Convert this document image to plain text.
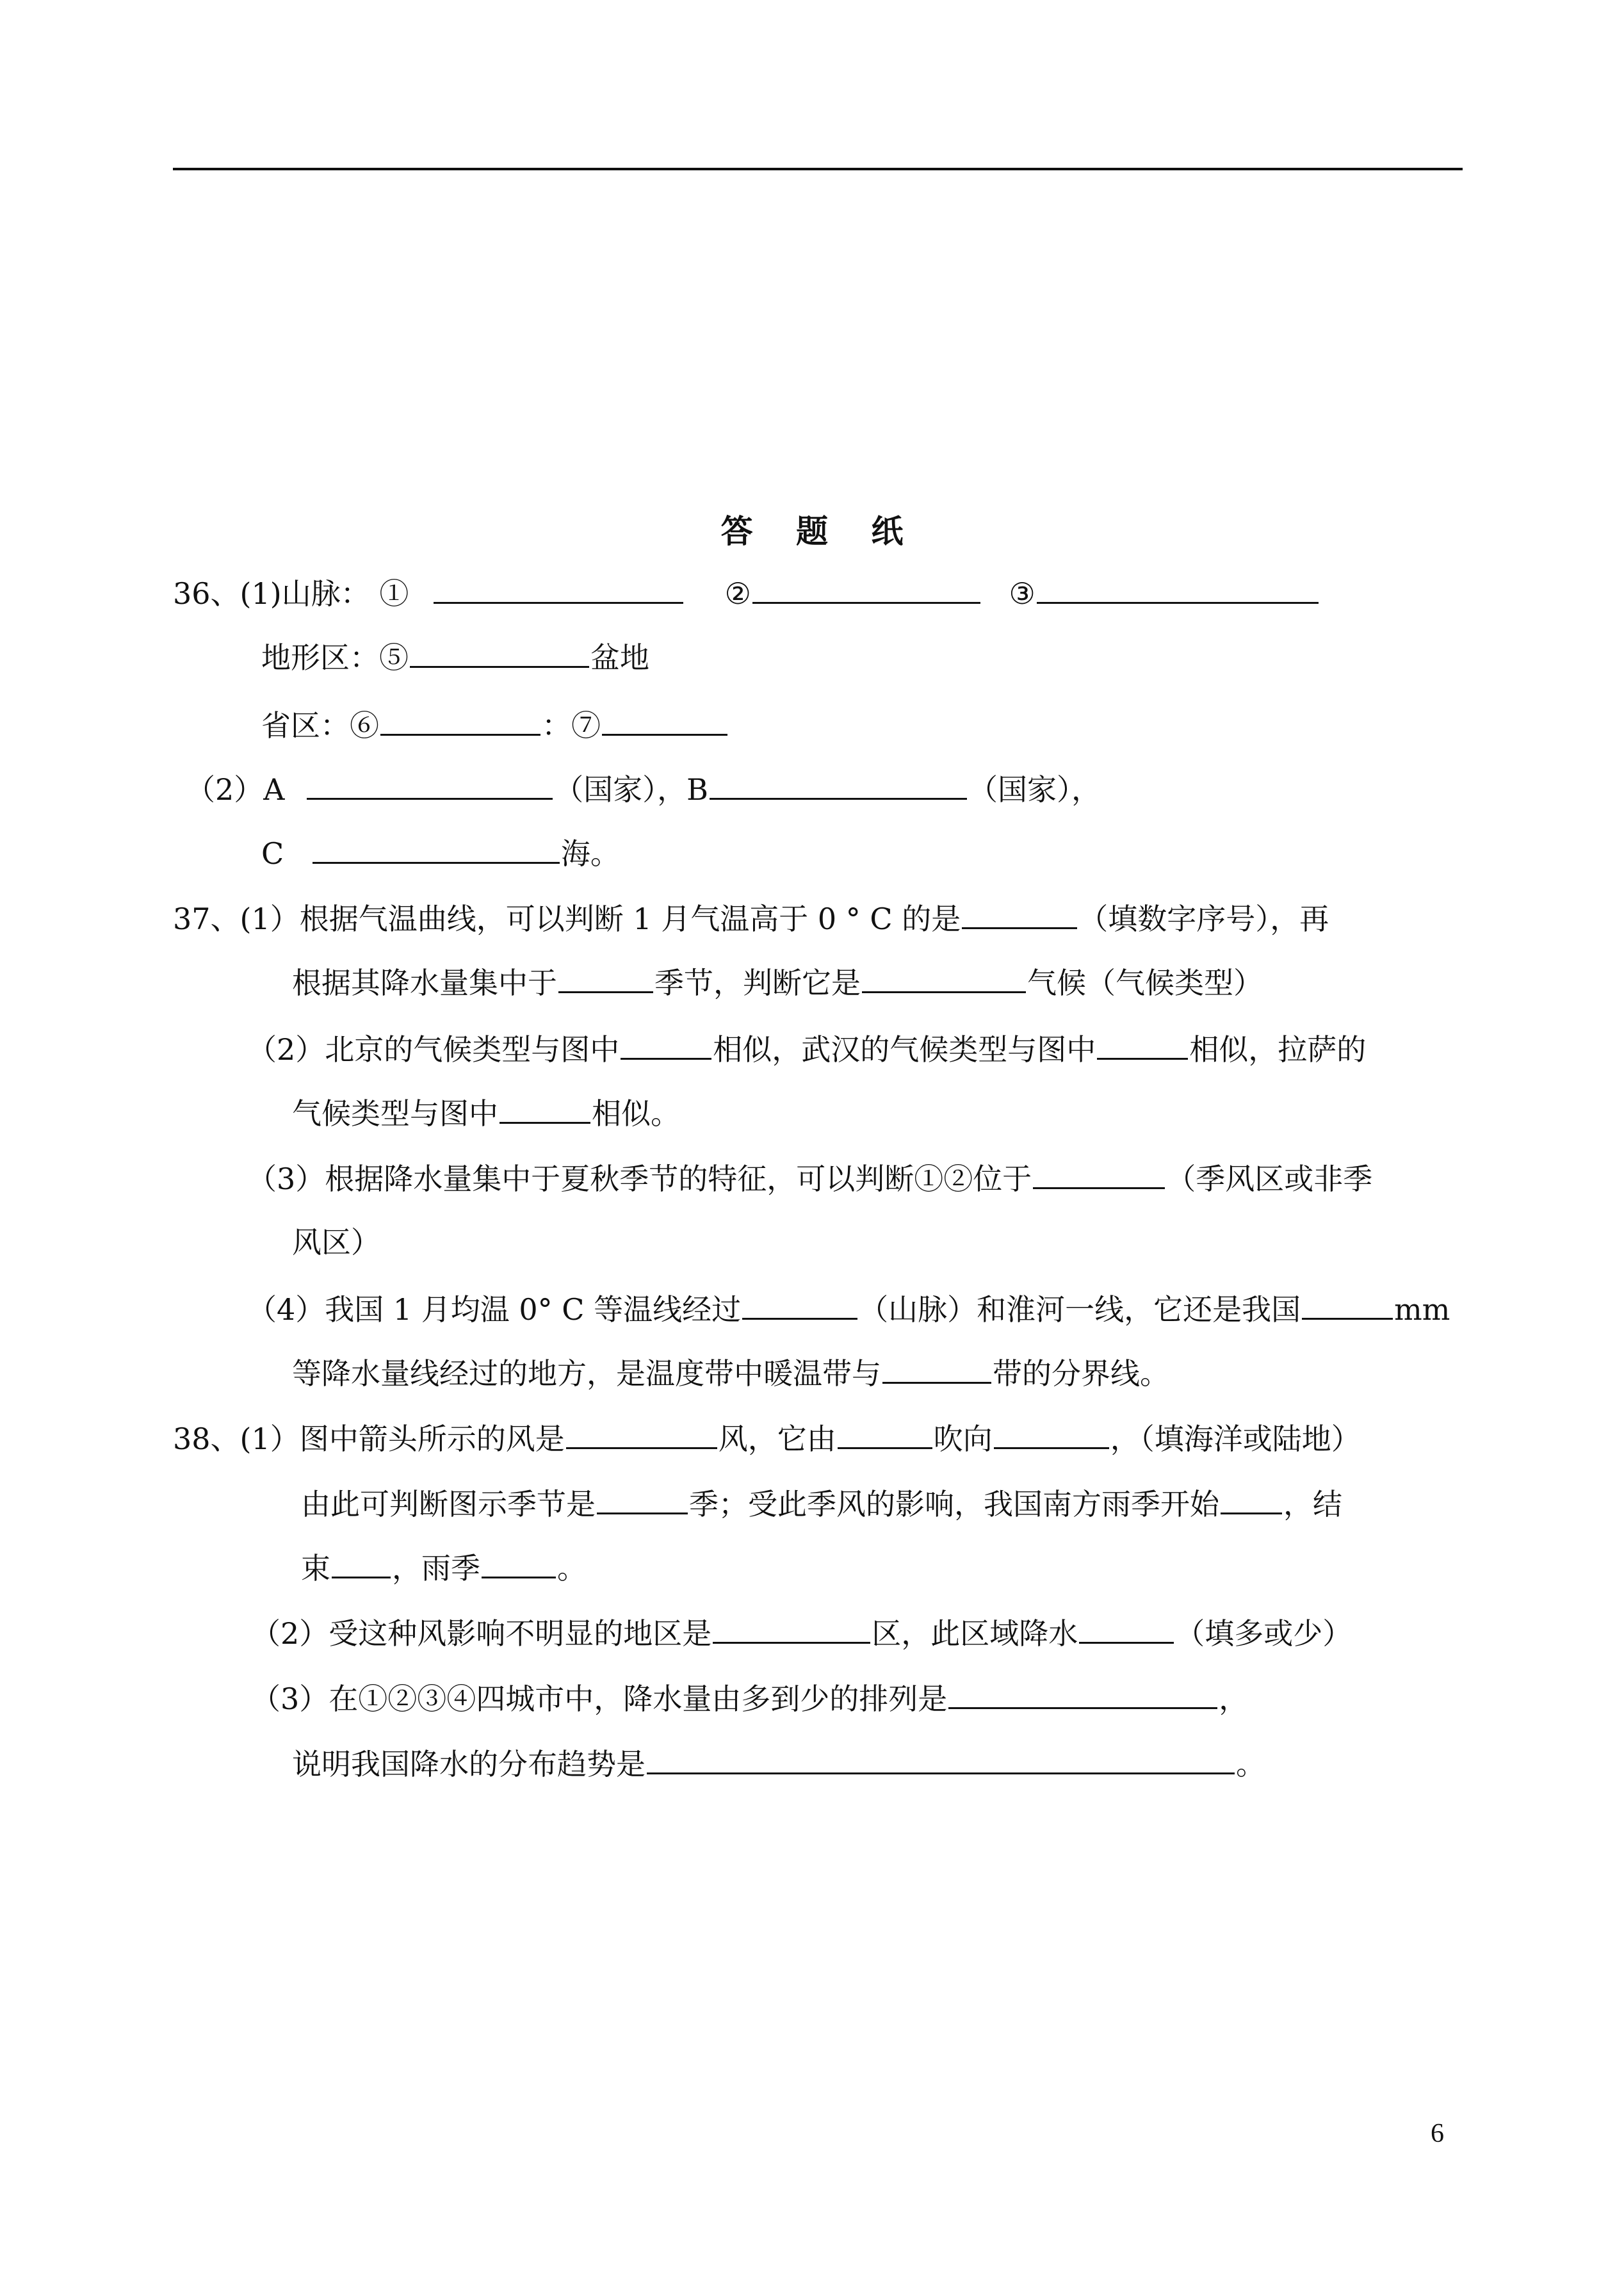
答 题 纸
36、(1)山脉： ①	②	③
地形区：⑤	盆地
省区：⑥	：⑦
（2）A	（国家），B	（国家），
C	海。
37、(1）根据气温曲线，可以判断 1 月气温高于 0 ° C 的是	（填数字序号），再
根据其降水量集中于	季节，判断它是	气候（气候类型）
（2）北京的气候类型与图中	相似，武汉的气候类型与图中	相似，拉萨的
气候类型与图中	相似。
（3）根据降水量集中于夏秋季节的特征，可以判断①②位于	（季风区或非季
风区）
（4）我国 1 月均温 0° C 等温线经过	（山脉）和淮河一线，它还是我国	mm
等降水量线经过的地方，是温度带中暖温带与	带的分界线。
38、(1）图中箭头所示的风是	风，它由	吹向	，（填海洋或陆地）
由此可判断图示季节是	季；受此季风的影响，我国南方雨季开始 ，结
束 ，雨季	。
（2）受这种风影响不明显的地区是	区，此区域降水	（填多或少）
（3）在①②③④四城市中，降水量由多到少的排列是	，
说明我国降水的分布趋势是	。
6
